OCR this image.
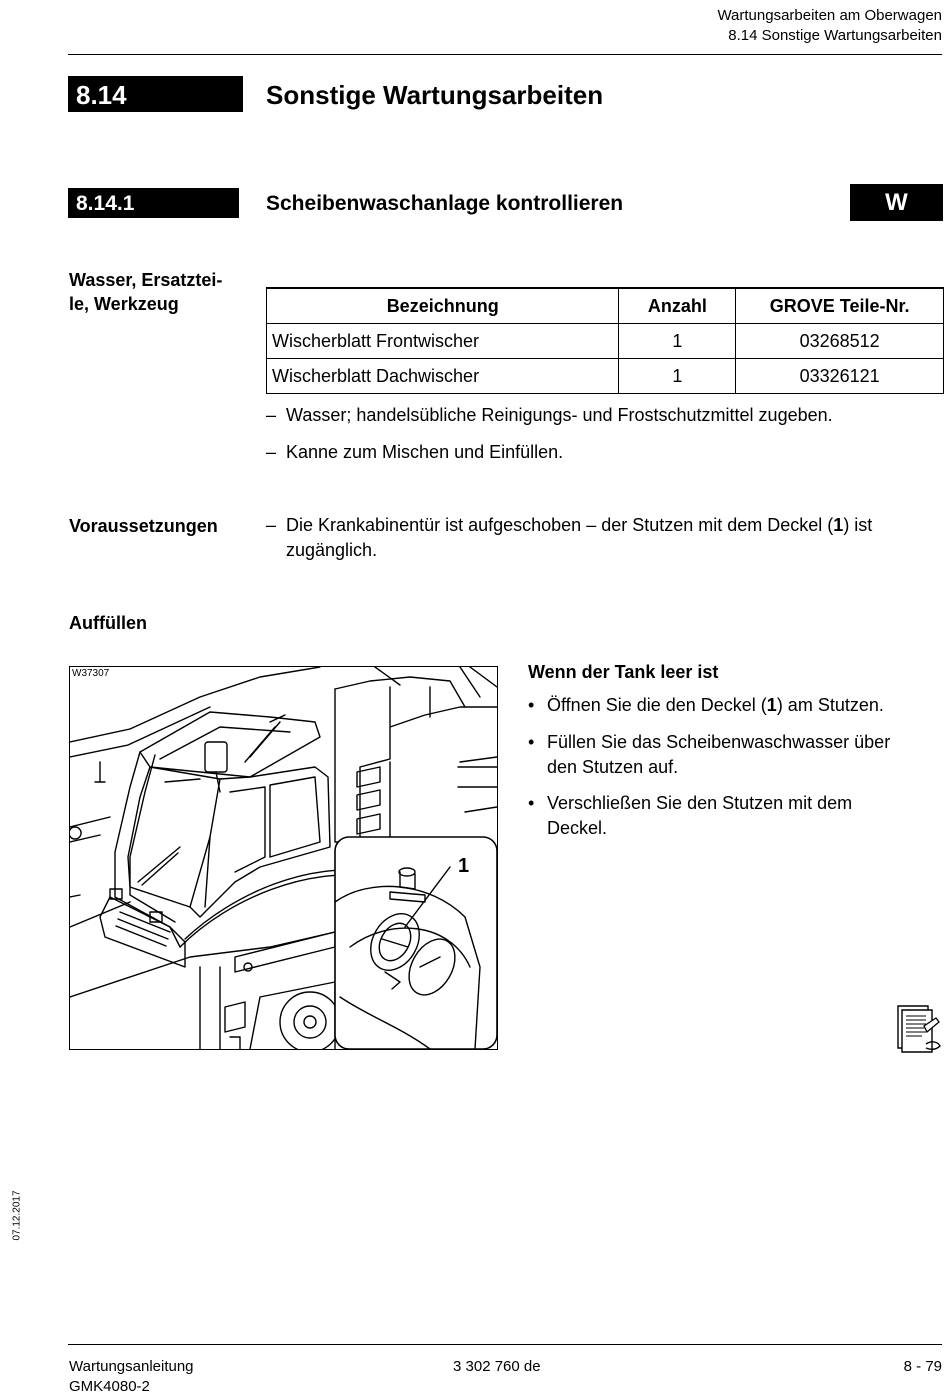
Wartungsarbeiten am Oberwagen
8.14 Sonstige Wartungsarbeiten
8.14	Sonstige Wartungsarbeiten
8.14.1	Scheibenwaschanlage kontrollieren	W
Wasser, Ersatztei-
le, Werkzeug	Bezeichnung	Anzahl	GROVE Teile-Nr.
Wischerblatt Frontwischer	1	03268512
Wischerblatt Dachwischer	1	03326121
– Wasser; handelsübliche Reinigungs- und Frostschutzmittel zugeben.
– Kanne zum Mischen und Einfüllen.
Voraussetzungen	– Die Krankabinentür ist aufgeschoben – der Stutzen mit dem Deckel (1) ist
zugänglich.
Auffüllen
W37307
1
Wenn der Tank leer ist
• Öffnen Sie die den Deckel (1) am Stutzen.
• Füllen Sie das Scheibenwaschwasser über
den Stutzen auf.
• Verschließen Sie den Stutzen mit dem
Deckel.
07.12.2017
Wartungsanleitung
GMK4080-2
3 302 760 de	8 - 79
